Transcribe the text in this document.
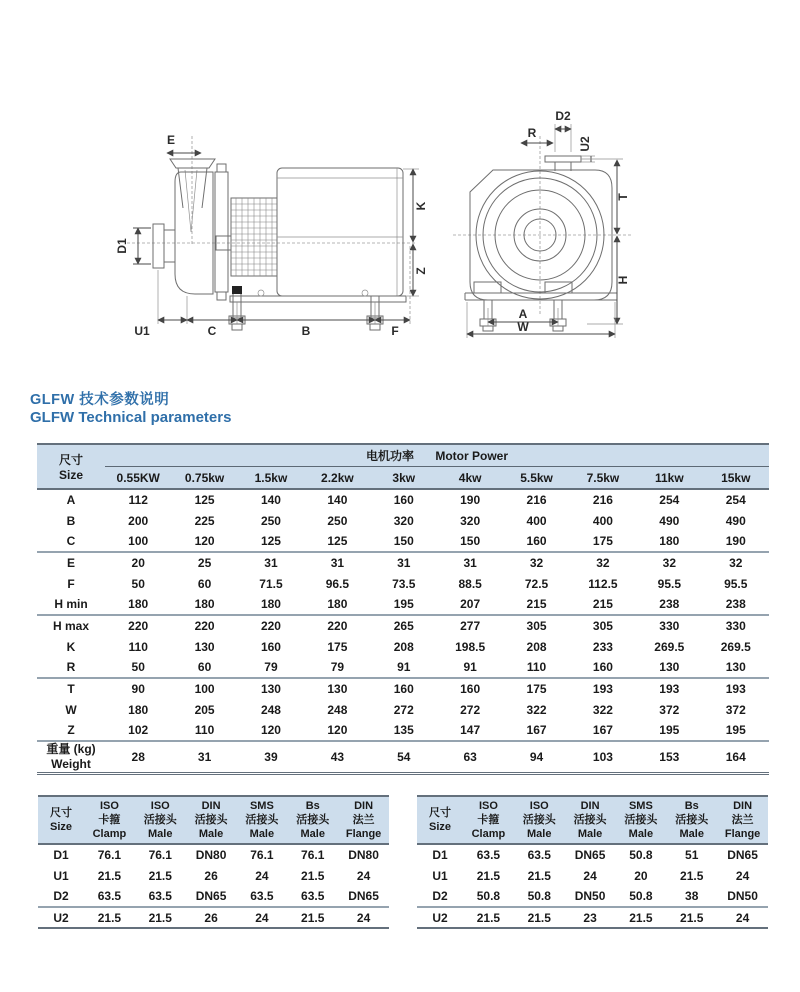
E
D1
K
Z
U1	C	B	F
D2
R
U2
T
H
A
W
GLFW 技术参数说明
GLFW Technical parameters
尺寸
Size	电机功率 Motor Power									
	0.55KW	0.75kw	1.5kw	2.2kw	3kw	4kw	5.5kw	7.5kw	11kw	15kw
A	112	125	140	140	160	190	216	216	254	254
B	200	225	250	250	320	320	400	400	490	490
C	100	120	125	125	150	150	160	175	180	190
E	20	25	31	31	31	31	32	32	32	32
F	50	60	71.5	96.5	73.5	88.5	72.5	112.5	95.5	95.5
H min	180	180	180	180	195	207	215	215	238	238
H max	220	220	220	220	265	277	305	305	330	330
K	110	130	160	175	208	198.5	208	233	269.5	269.5
R	50	60	79	79	91	91	110	160	130	130
T	90	100	130	130	160	160	175	193	193	193
W	180	205	248	248	272	272	322	322	372	372
Z	102	110	120	120	135	147	167	167	195	195
重量 (kg)
Weight	28	31	39	43	54	63	94	103	153	164
尺寸
Size	ISO
卡箍
Clamp	ISO
活接头
Male	DIN
活接头
Male	SMS
活接头
Male	Bs
活接头
Male	DIN
法兰
Flange
D1	76.1	76.1	DN80	76.1	76.1	DN80
U1	21.5	21.5	26	24	21.5	24
D2	63.5	63.5	DN65	63.5	63.5	DN65
U2	21.5	21.5	26	24	21.5	24
尺寸
Size	ISO
卡箍
Clamp	ISO
活接头
Male	DIN
活接头
Male	SMS
活接头
Male	Bs
活接头
Male	DIN
法兰
Flange
D1	63.5	63.5	DN65	50.8	51	DN65
U1	21.5	21.5	24	20	21.5	24
D2	50.8	50.8	DN50	50.8	38	DN50
U2	21.5	21.5	23	21.5	21.5	24
